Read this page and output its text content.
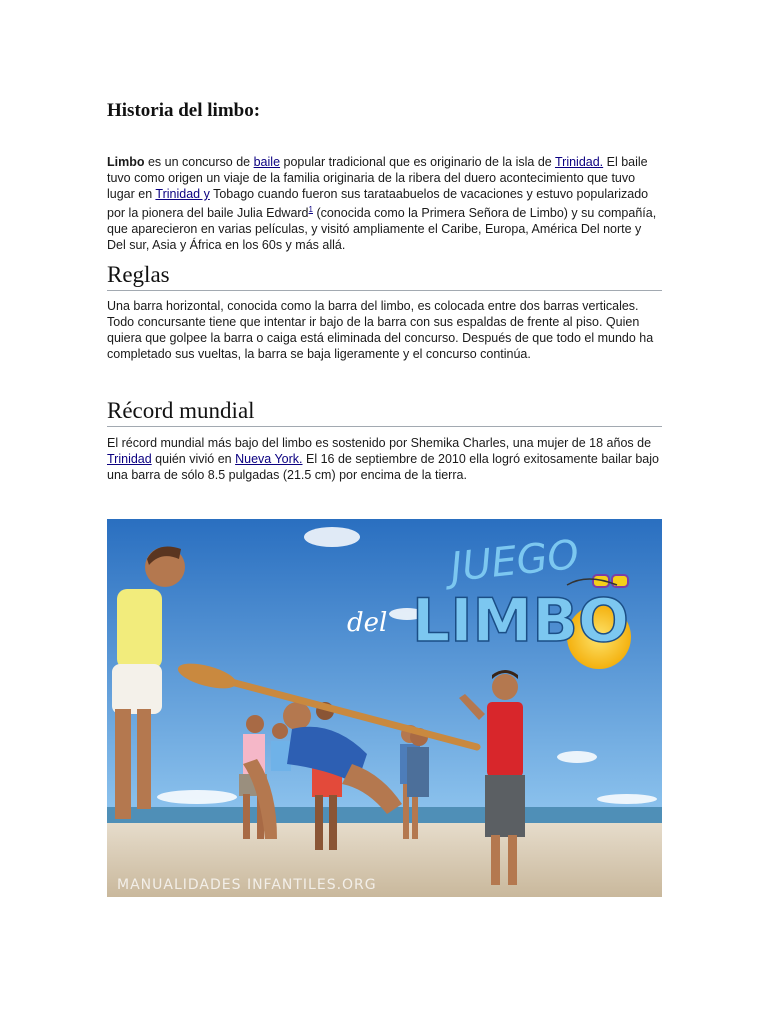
Historia del limbo:

Limbo es un concurso de baile popular tradicional que es originario de la isla de Trinidad. El baile tuvo como origen un viaje de la familia originaria de la ribera del duero acontecimiento que tuvo lugar en Trinidad y Tobago⁣⁣⁣ cuando fueron sus tarataabuelos de vacaciones y estuvo popularizado por la pionera del baile Julia Edward$^1$ (conocida como la Primera Señora de Limbo) y su compañía, que aparecieron en varias películas, y visitó ampliamente el Caribe, Europa, América Del norte y Del sur, Asia y África en los 60s y más allá.

Reglas

Una barra horizontal, conocida como la barra del limbo, es colocada entre dos barras verticales. Todo concursante tiene que intentar ir bajo de la barra con sus espaldas de frente al piso. Quien quiera que golpee la barra o caiga está eliminada del concurso. Después de que todo el mundo ha completado sus vueltas, la barra se baja ligeramente y el concurso continúa.

Récord mundial

El récord mundial más bajo del limbo es sostenido por Shemika Charles, una mujer de 18 años de Trinidad quién vivió en Nueva York. El 16 de septiembre de 2010 ella logró exitosamente bailar bajo una barra de sólo 8.5 pulgadas (21.5 cm) por encima de la tierra.

JUEGO
del LIMBO
MANUALIDADES INFANTILES.ORG
